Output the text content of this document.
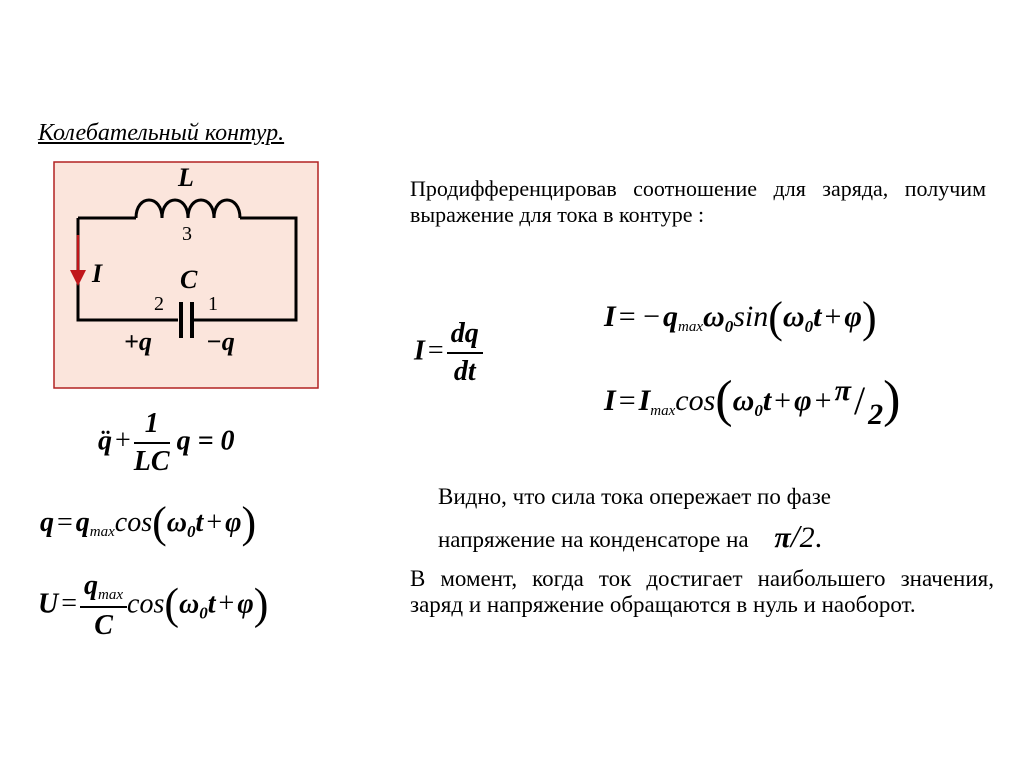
Колебательный контур.
L
3
I	C
2 1
+q −q
q̈ + $\frac{1}{LC}$ q = 0
$q = q_{max}\cos(\omega_0t + \varphi)$
$U = \frac{q_{max}}{C} \cos(\omega_0t + \varphi)$
Продифференцировав соотношение для заряда, получим выражение для тока в контуре :
$I = \frac{dq}{dt}$
I = − $q_{max}\omega_0\sin(\omega_0t + \varphi)$
$I = I_{max}\cos(\omega_0t + \varphi + \pi/$ 2)
Видно, что сила тока опережает по фазе
напряжение на конденсаторе на π/2.
В момент, когда ток достигает наибольшего значения, заряд и напряжение обращаются в нуль и наоборот.
